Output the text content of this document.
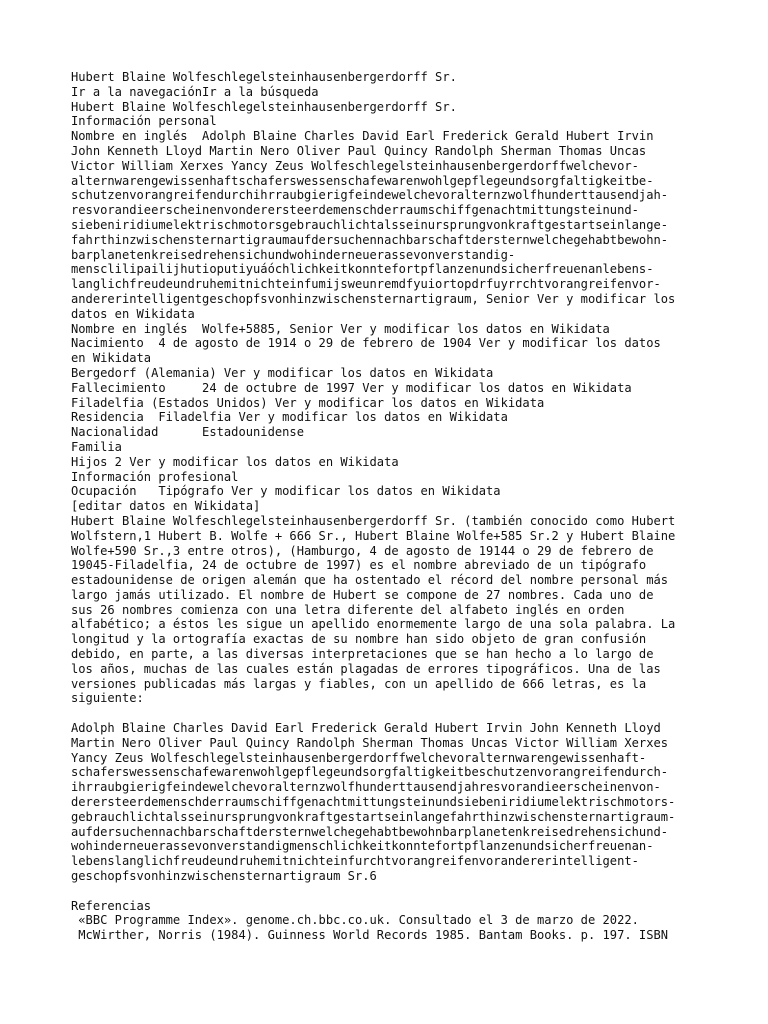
Hubert Blaine Wolfeschlegelsteinhausenbergerdorff Sr.
Ir a la navegaciónIr a la búsqueda
Hubert Blaine Wolfeschlegelsteinhausenbergerdorff Sr.
Información personal
Nombre en inglés  Adolph Blaine Charles David Earl Frederick Gerald Hubert Irvin
John Kenneth Lloyd Martin Nero Oliver Paul Quincy Randolph Sherman Thomas Uncas
Victor William Xerxes Yancy Zeus Wolfeschlegelsteinhausenbergerdorffwelchevor-
alternwarengewissenhaftschaferswessenschafewarenwohlgepflegeundsorgfaltigkeitbe-
schutzenvorangreifendurchihrraubgierigfeindewelchevoralternzwolfhunderttausendjah-
resvorandieerscheinenvonderersteerdemenschderraumschiffgenachtmittungsteinund-
siebeniridiumelektrischmotorsgebrauchlichtalsseinursprungvonkraftgestartseinlange-
fahrthinzwischensternartigraumaufdersuchennachbarschaftdersternwelchegehabtbewohn-
barplanetenkreisedrehensichundwohinderneuerassevonverstandig-
mensclilipailijhutioputiyuáóchlichkeitkonntefortpflanzenundsicherfreuenanlebens-
langlichfreudeundruhemitnichteinfumijsweunremdfyuiortopdrfuyrrchtvorangreifenvor-
andererintelligentgeschopfsvonhinzwischensternartigraum, Senior Ver y modificar los
datos en Wikidata
Nombre en inglés  Wolfe+5885, Senior Ver y modificar los datos en Wikidata
Nacimiento  4 de agosto de 1914 o 29 de febrero de 1904 Ver y modificar los datos
en Wikidata
Bergedorf (Alemania) Ver y modificar los datos en Wikidata
Fallecimiento     24 de octubre de 1997 Ver y modificar los datos en Wikidata
Filadelfia (Estados Unidos) Ver y modificar los datos en Wikidata
Residencia  Filadelfia Ver y modificar los datos en Wikidata
Nacionalidad      Estadounidense
Familia
Hijos 2 Ver y modificar los datos en Wikidata
Información profesional
Ocupación   Tipógrafo Ver y modificar los datos en Wikidata
[editar datos en Wikidata]
Hubert Blaine Wolfeschlegelsteinhausenbergerdorff Sr. (también conocido como Hubert
Wolfstern,1 Hubert B. Wolfe + 666 Sr., Hubert Blaine Wolfe+585 Sr.2 y Hubert Blaine
Wolfe+590 Sr.,3 entre otros), (Hamburgo, 4 de agosto de 19144 o 29 de febrero de
19045-Filadelfia, 24 de octubre de 1997) es el nombre abreviado de un tipógrafo
estadounidense de origen alemán que ha ostentado el récord del nombre personal más
largo jamás utilizado. El nombre de Hubert se compone de 27 nombres. Cada uno de
sus 26 nombres comienza con una letra diferente del alfabeto inglés en orden
alfabético; a éstos les sigue un apellido enormemente largo de una sola palabra. La
longitud y la ortografía exactas de su nombre han sido objeto de gran confusión
debido, en parte, a las diversas interpretaciones que se han hecho a lo largo de
los años, muchas de las cuales están plagadas de errores tipográficos. Una de las
versiones publicadas más largas y fiables, con un apellido de 666 letras, es la
siguiente:
Adolph Blaine Charles David Earl Frederick Gerald Hubert Irvin John Kenneth Lloyd
Martin Nero Oliver Paul Quincy Randolph Sherman Thomas Uncas Victor William Xerxes
Yancy Zeus Wolfeschlegelsteinhausenbergerdorffwelchevoralternwarengewissenhaft-
schaferswessenschafewarenwohlgepflegeundsorgfaltigkeitbeschutzenvorangreifendurch-
ihrraubgierigfeindewelchevoralternzwolfhunderttausendjahresvorandieerscheinenvon-
derersteerdemenschderraumschiffgenachtmittungsteinundsiebeniridiumelektrischmotors-
gebrauchlichtalsseinursprungvonkraftgestartseinlangefahrthinzwischensternartigraum-
aufdersuchennachbarschaftdersternwelchegehabtbewohnbarplanetenkreisedrehensichund-
wohinderneuerassevonverstandigmenschlichkeitkonntefortpflanzenundsicherfreuenan-
lebenslanglichfreudeundruhemitnichteinfurchtvorangreifenvorandererintelligent-
geschopfsvonhinzwischensternartigraum Sr.6
Referencias
«BBC Programme Index». genome.ch.bbc.co.uk. Consultado el 3 de marzo de 2022.
McWirther, Norris (1984). Guinness World Records 1985. Bantam Books. p. 197. ISBN
